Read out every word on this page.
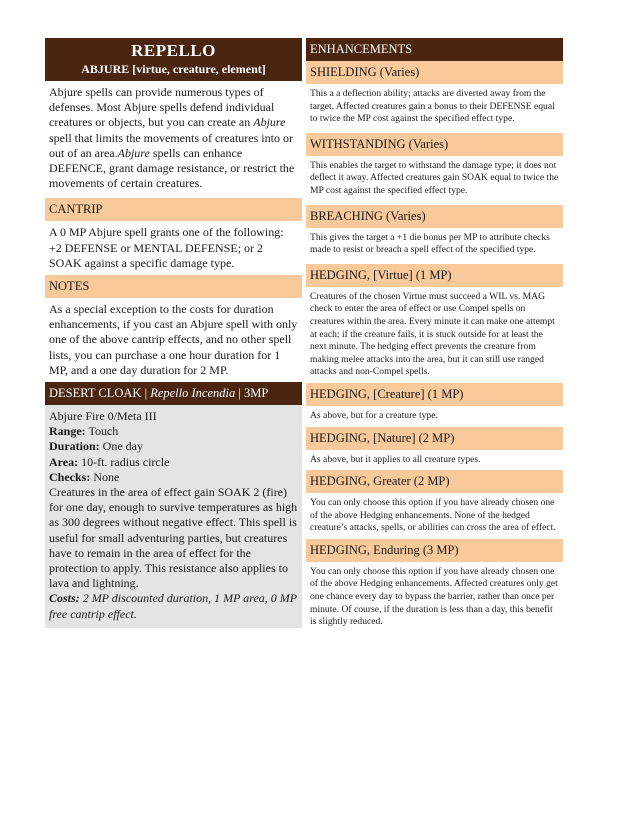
REPELLO
ABJURE [virtue, creature, element]
Abjure spells can provide numerous types of defenses. Most Abjure spells defend individual creatures or objects, but you can create an Abjure spell that limits the movements of creatures into or out of an area.Abjure spells can enhance DEFENCE, grant damage resistance, or restrict the movements of certain creatures.
CANTRIP
A 0 MP Abjure spell grants one of the following: +2 DEFENSE or MENTAL DEFENSE; or 2 SOAK against a specific damage type.
NOTES
As a special exception to the costs for duration enhancements, if you cast an Abjure spell with only one of the above cantrip effects, and no other spell lists, you can purchase a one hour duration for 1 MP, and a one day duration for 2 MP.
DESERT CLOAK | Repello Incendia | 3MP
Abjure Fire 0/Meta III
Range: Touch
Duration: One day
Area: 10-ft. radius circle
Checks: None
Creatures in the area of effect gain SOAK 2 (fire) for one day, enough to survive temperatures as high as 300 degrees without negative effect. This spell is useful for small adventuring parties, but creatures have to remain in the area of effect for the protection to apply. This resistance also applies to lava and lightning.
Costs: 2 MP discounted duration, 1 MP area, 0 MP free cantrip effect.
ENHANCEMENTS
SHIELDING (Varies)
This a a deflection ability; attacks are diverted away from the target. Affected creatures gain a bonus to their DEFENSE equal to twice the MP cost against the specified effect type.
WITHSTANDING (Varies)
This enables the target to withstand the damage type; it does not deflect it away. Affected creatures gain SOAK equal to twice the MP cost against the specified effect type.
BREACHING (Varies)
This gives the target a +1 die bonus per MP to attribute checks made to resist or breach a spell effect of the specified type.
HEDGING, [Virtue] (1 MP)
Creatures of the chosen Virtue must succeed a WIL vs. MAG check to enter the area of effect or use Compel spells on creatures within the area. Every minute it can make one attempt at each; if the creature fails, it is stuck outside for at least the next minute. The hedging effect prevents the creature from making melee attacks into the area, but it can still use ranged attacks and non-Compel spells.
HEDGING, [Creature] (1 MP)
As above, but for a creature type.
HEDGING, [Nature] (2 MP)
As above, but it applies to all creature types.
HEDGING, Greater (2 MP)
You can only choose this option if you have already chosen one of the above Hedging enhancements. None of the hedged creature’s attacks, spells, or abilities can cross the area of effect.
HEDGING, Enduring (3 MP)
You can only choose this option if you have already chosen one of the above Hedging enhancements. Affected creatures only get one chance every day to bypass the barrier, rather than once per minute. Of course, if the duration is less than a day, this benefit is slightly reduced.
